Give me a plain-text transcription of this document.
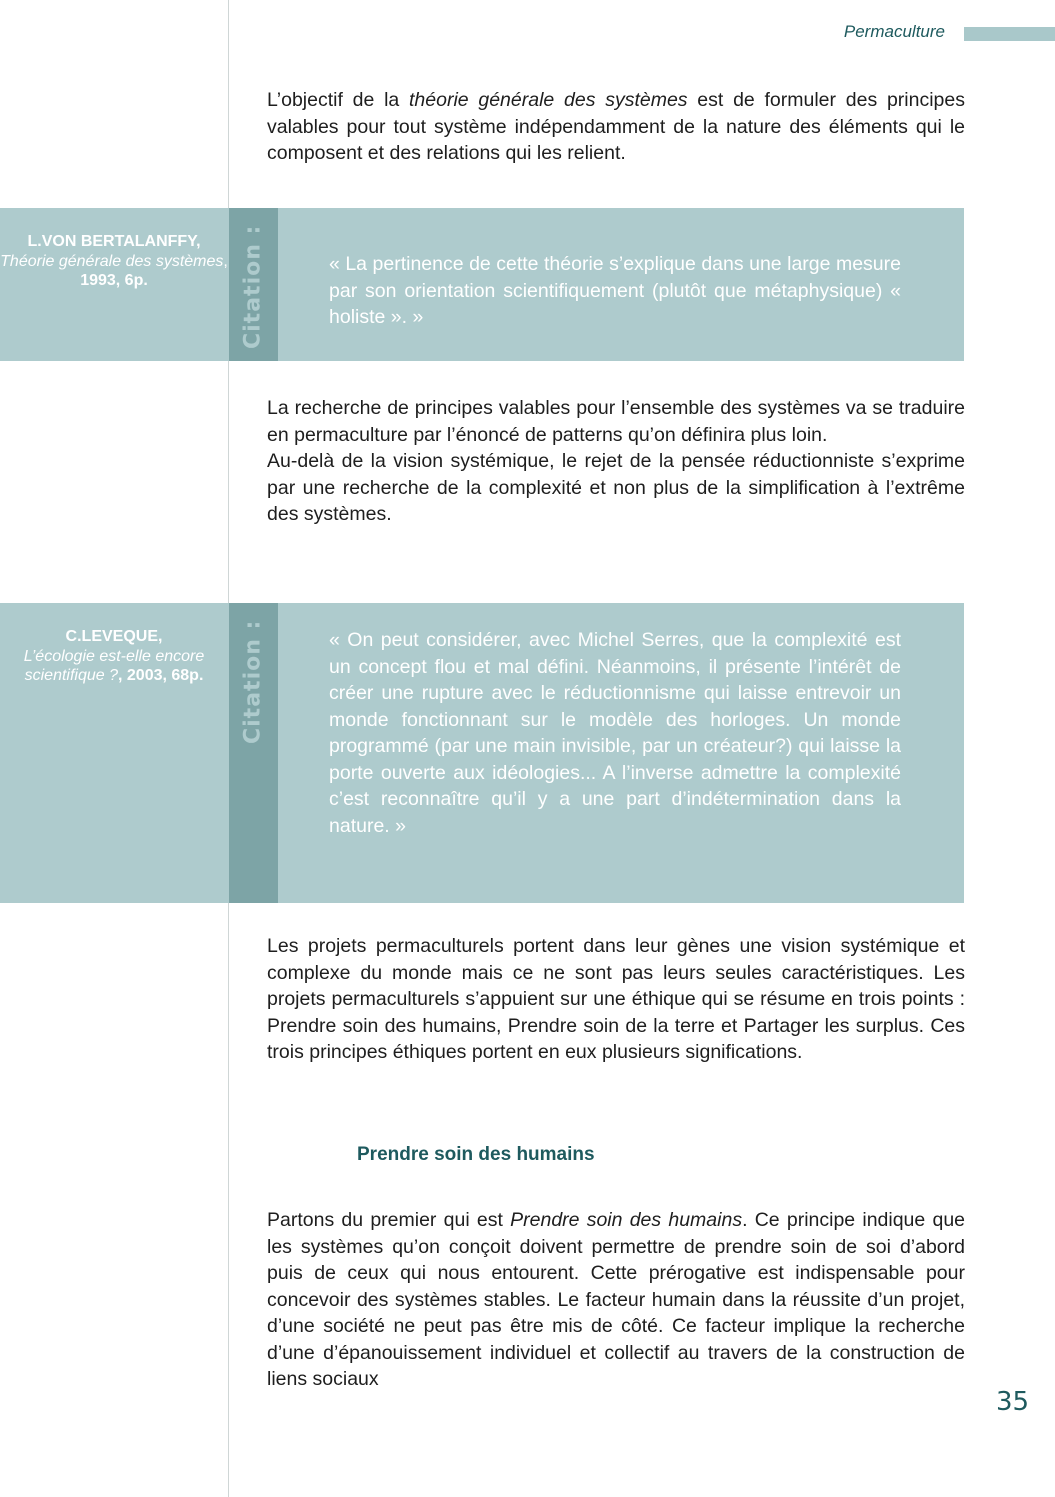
Permaculture

L’objectif de la théorie générale des systèmes est de formuler des principes valables pour tout système indépendamment de la nature des éléments qui le composent et des relations qui les relient.

Citation :
L.VON BERTALANFFY,
Théorie générale des systèmes,
1993, 6p.

« La pertinence de cette théorie s’explique dans une large mesure par son orientation scientifiquement (plutôt que métaphysique) « holiste ». »

La recherche de principes valables pour l’ensemble des systèmes va se traduire en permaculture par l’énoncé de patterns qu’on définira plus loin.

Au-delà de la vision systémique, le rejet de la pensée réductionniste s’exprime par une recherche de la complexité et non plus de la simplification à l’extrême des systèmes.

Citation :
C.LEVEQUE,
L’écologie est-elle encore scientifique ?, 2003, 68p.

« On peut considérer, avec Michel Serres, que la complexité est un concept flou et mal défini. Néanmoins, il présente l’intérêt de créer une rupture avec le réductionnisme qui laisse entrevoir un monde fonctionnant sur le modèle des horloges. Un monde programmé (par une main invisible, par un créateur?) qui laisse la porte ouverte aux idéologies... A l’inverse admettre la complexité c’est reconnaître qu’il y a une part d’indétermination dans la nature. »

Les projets permaculturels portent dans leur gènes une vision systémique et complexe du monde mais ce ne sont pas leurs seules caractéristiques. Les projets permaculturels s’appuient sur une éthique qui se résume en trois points : Prendre soin des humains, Prendre soin de la terre et Partager les surplus. Ces trois principes éthiques portent en eux plusieurs significations.

Prendre soin des humains

Partons du premier qui est Prendre soin des humains. Ce principe indique que les systèmes qu’on conçoit doivent permettre de prendre soin de soi d’abord puis de ceux qui nous entourent. Cette prérogative est indispensable pour concevoir des systèmes stables. Le facteur humain dans la réussite d’un projet, d’une société ne peut pas être mis de côté. Ce facteur implique la recherche d’une d’épanouissement individuel et collectif au travers de la construction de liens sociaux

35
